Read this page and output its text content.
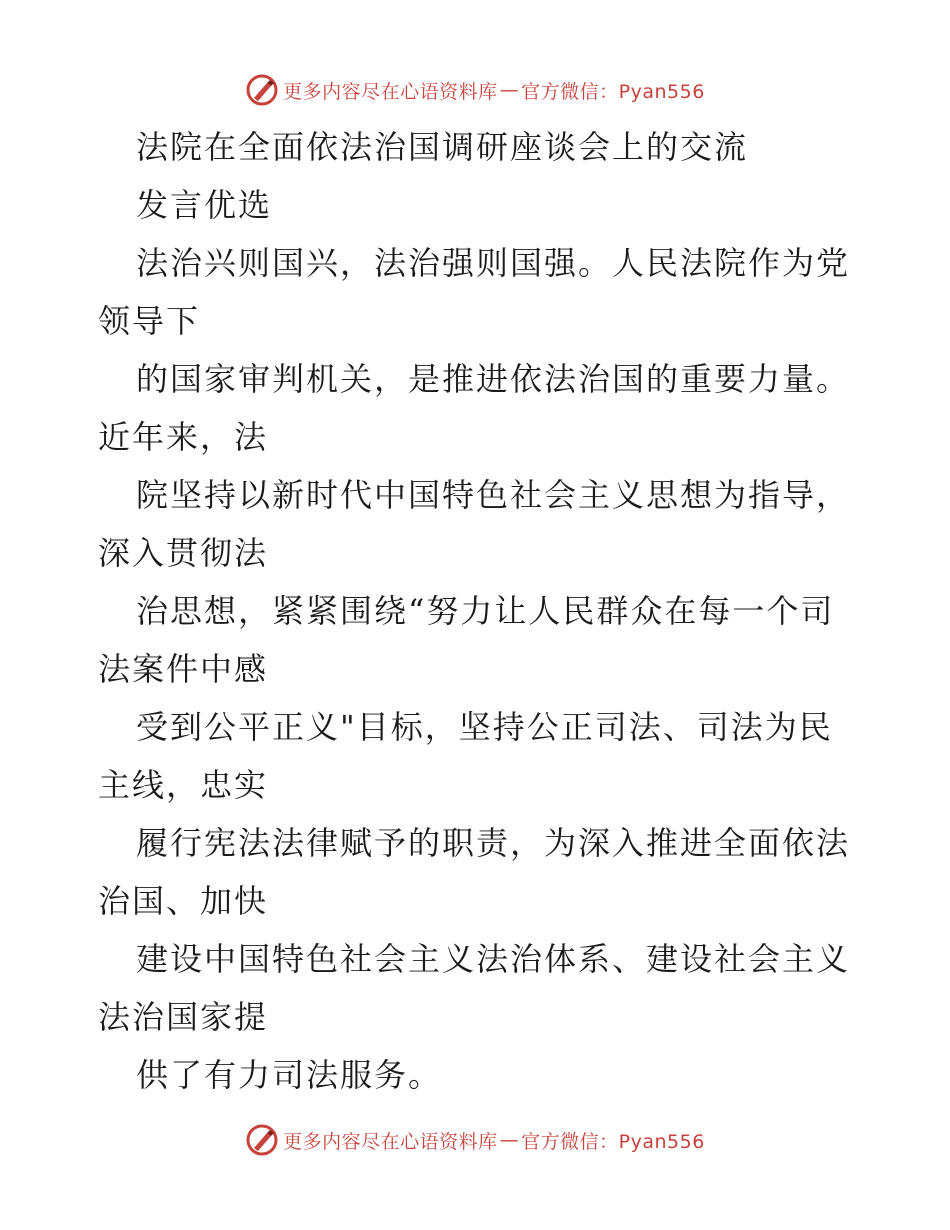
更多内容尽在心语资料库 — 官方微信：Pyan556
法院在全面依法治国调研座谈会上的交流
发言优选
法治兴则国兴，法治强则国强。人民法院作为党
领导下
的国家审判机关，是推进依法治国的重要力量。
近年来，法
院坚持以新时代中国特色社会主义思想为指导，
深入贯彻法
治思想，紧紧围绕“努力让人民群众在每一个司
法案件中感
受到公平正义"目标，坚持公正司法、司法为民
主线，忠实
履行宪法法律赋予的职责，为深入推进全面依法
治国、加快
建设中国特色社会主义法治体系、建设社会主义
法治国家提
供了有力司法服务。
更多内容尽在心语资料库 — 官方微信：Pyan556
